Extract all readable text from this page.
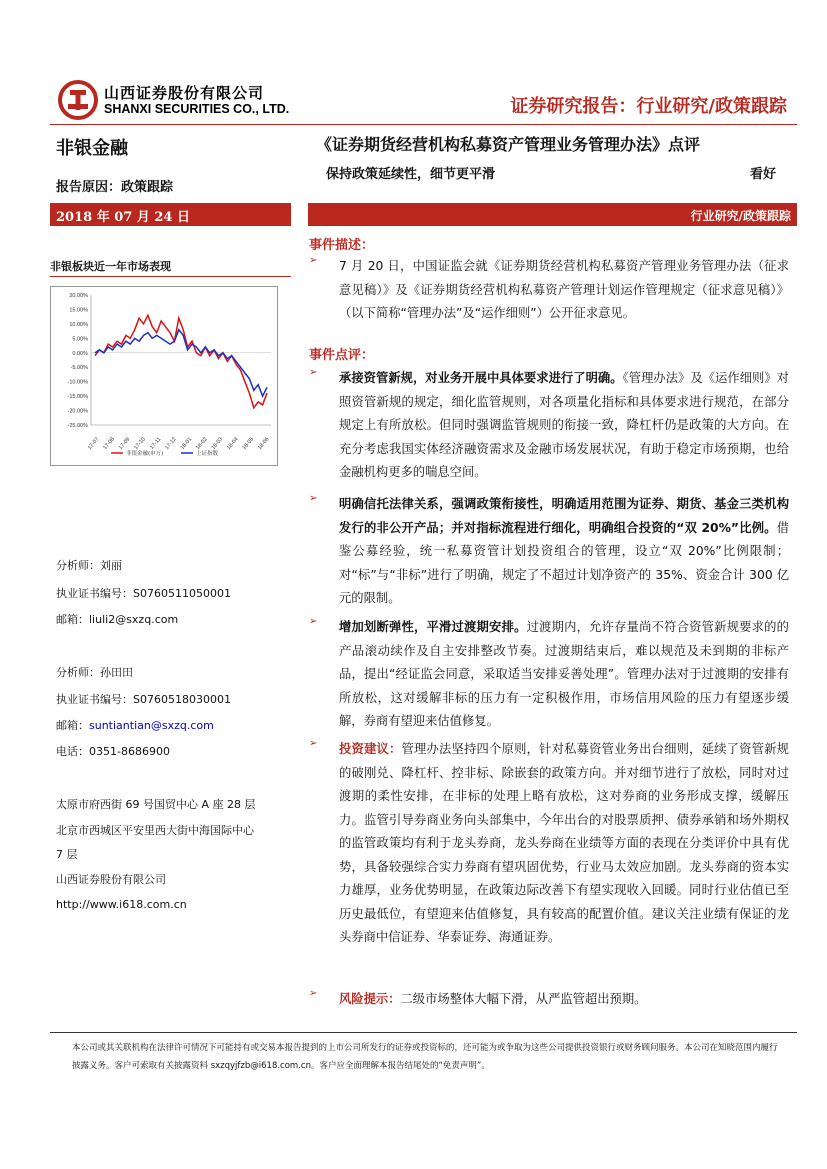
山西证券股份有限公司
SHANXI SECURITIES CO., LTD.	证券研究报告：行业研究/政策跟踪
非银金融	《证券期货经营机构私募资产管理业务管理办法》点评
报告原因：政策跟踪
保持政策延续性，细节更平滑	看好
2018 年 07 月 24 日	行业研究/政策跟踪
非银板块近一年市场表现
20.00%
15.00%
10.00%
5.00%
0.00%
-5.00%
-10.00%
-15.00%
-20.00%
-25.00%
17-07 17-08 17-09 17-10 17-11 17-12 18-01 18-02 18-03 18-04 18-05 18-06
非银金融(申万)	上证指数
分析师：刘丽
执业证书编号：S0760511050001
邮箱：liuli2@sxzq.com
分析师：孙田田
执业证书编号：S0760518030001
邮箱：suntiantian@sxzq.com
电话：0351-8686900
太原市府西街 69 号国贸中心 A 座 28 层
北京市西城区平安里西大街中海国际中心
7 层
山西证券股份有限公司
http://www.i618.com.cn
事件描述：
➢ 7 月 20 日，中国证监会就《证券期货经营机构私募资产管理业务管理办法（征求意见稿）》及《证券期货经营机构私募资产管理计划运作管理规定（征求意见稿）》（以下简称“管理办法”及“运作细则”）公开征求意见。
事件点评：
➢ 承接资管新规，对业务开展中具体要求进行了明确。《管理办法》及《运作细则》对照资管新规的规定，细化监管规则，对各项量化指标和具体要求进行规范，在部分规定上有所放松。但同时强调监管规则的衔接一致，降杠杆仍是政策的大方向。在充分考虑我国实体经济融资需求及金融市场发展状况，有助于稳定市场预期，也给金融机构更多的喘息空间。
➢ 明确信托法律关系，强调政策衔接性，明确适用范围为证券、期货、基金三类机构发行的非公开产品；并对指标流程进行细化，明确组合投资的“双 20%”比例。借鉴公募经验，统一私募资管计划投资组合的管理，设立“双 20%”比例限制；对“标”与“非标”进行了明确，规定了不超过计划净资产的 35%、资金合计 300 亿元的限制。
➢ 增加划断弹性，平滑过渡期安排。过渡期内，允许存量尚不符合资管新规要求的的产品滚动续作及自主安排整改节奏。过渡期结束后，难以规范及未到期的非标产品，提出“经证监会同意，采取适当安排妥善处理”。管理办法对于过渡期的安排有所放松，这对缓解非标的压力有一定积极作用，市场信用风险的压力有望逐步缓解，券商有望迎来估值修复。
➢ 投资建议：管理办法坚持四个原则，针对私募资管业务出台细则，延续了资管新规的破刚兑、降杠杆、控非标、除嵌套的政策方向。并对细节进行了放松，同时对过渡期的柔性安排，在非标的处理上略有放松，这对券商的业务形成支撑，缓解压力。监管引导券商业务向头部集中，今年出台的对股票质押、债券承销和场外期权的监管政策均有利于龙头券商，龙头券商在业绩等方面的表现在分类评价中具有优势，具备较强综合实力券商有望巩固优势，行业马太效应加剧。龙头券商的资本实力雄厚，业务优势明显，在政策边际改善下有望实现收入回暖。同时行业估值已至历史最低位，有望迎来估值修复，具有较高的配置价值。建议关注业绩有保证的龙头券商中信证券、华泰证券、海通证券。
➢ 风险提示：二级市场整体大幅下滑，从严监管超出预期。
本公司或其关联机构在法律许可情况下可能持有或交易本报告提到的上市公司所发行的证券或投资标的，还可能为或争取为这些公司提供投资银行或财务顾问服务。本公司在知晓范围内履行披露义务。客户可索取有关披露资料 sxzqyjfzb@i618.com.cn。客户应全面理解本报告结尾处的“免责声明”。
